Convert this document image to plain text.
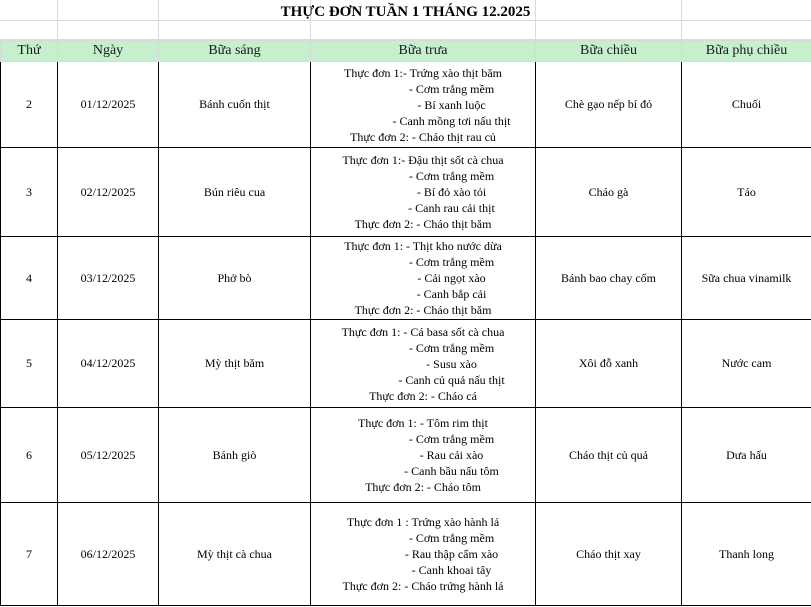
THỰC ĐƠN TUẦN 1 THÁNG 12.2025
Thứ	Ngày	Bữa sáng	Bữa trưa	Bữa chiều	Bữa phụ chiều
2	01/12/2025	Bánh cuốn thịt	Thực đơn 1:- Trứng xào thịt băm
- Cơm trắng mềm
- Bí xanh luộc
- Canh mồng tơi nấu thịt
Thực đơn 2: - Cháo thịt rau củ	Chè gạo nếp bí đỏ	Chuối
3	02/12/2025	Bún riêu cua	Thực đơn 1:- Đậu thịt sốt cà chua
- Cơm trắng mềm
- Bí đỏ xào tỏi
- Canh rau cải thịt
Thực đơn 2: - Cháo thịt băm	Cháo gà	Táo
4	03/12/2025	Phở bò	Thực đơn 1: - Thịt kho nước dừa
- Cơm trắng mềm
- Cải ngọt xào
- Canh bắp cải
Thực đơn 2: - Cháo thịt băm	Bánh bao chay cốm	Sữa chua vinamilk
5	04/12/2025	Mỳ thịt băm	Thực đơn 1: - Cá basa sốt cà chua
- Cơm trắng mềm
- Susu xào
- Canh củ quả nấu thịt
Thực đơn 2: - Cháo cá	Xôi đỗ xanh	Nước cam
6	05/12/2025	Bánh giò	Thực đơn 1: - Tôm rim thịt
- Cơm trắng mềm
- Rau cải xào
- Canh bầu nấu tôm
Thực đơn 2: - Cháo tôm	Cháo thịt củ quả	Dưa hấu
7	06/12/2025	Mỳ thịt cà chua	Thực đơn 1 : Trứng xào hành lá
- Cơm trắng mềm
- Rau thập cẩm xào
- Canh khoai tây
Thực đơn 2: - Cháo trứng hành lá	Cháo thịt xay	Thanh long
